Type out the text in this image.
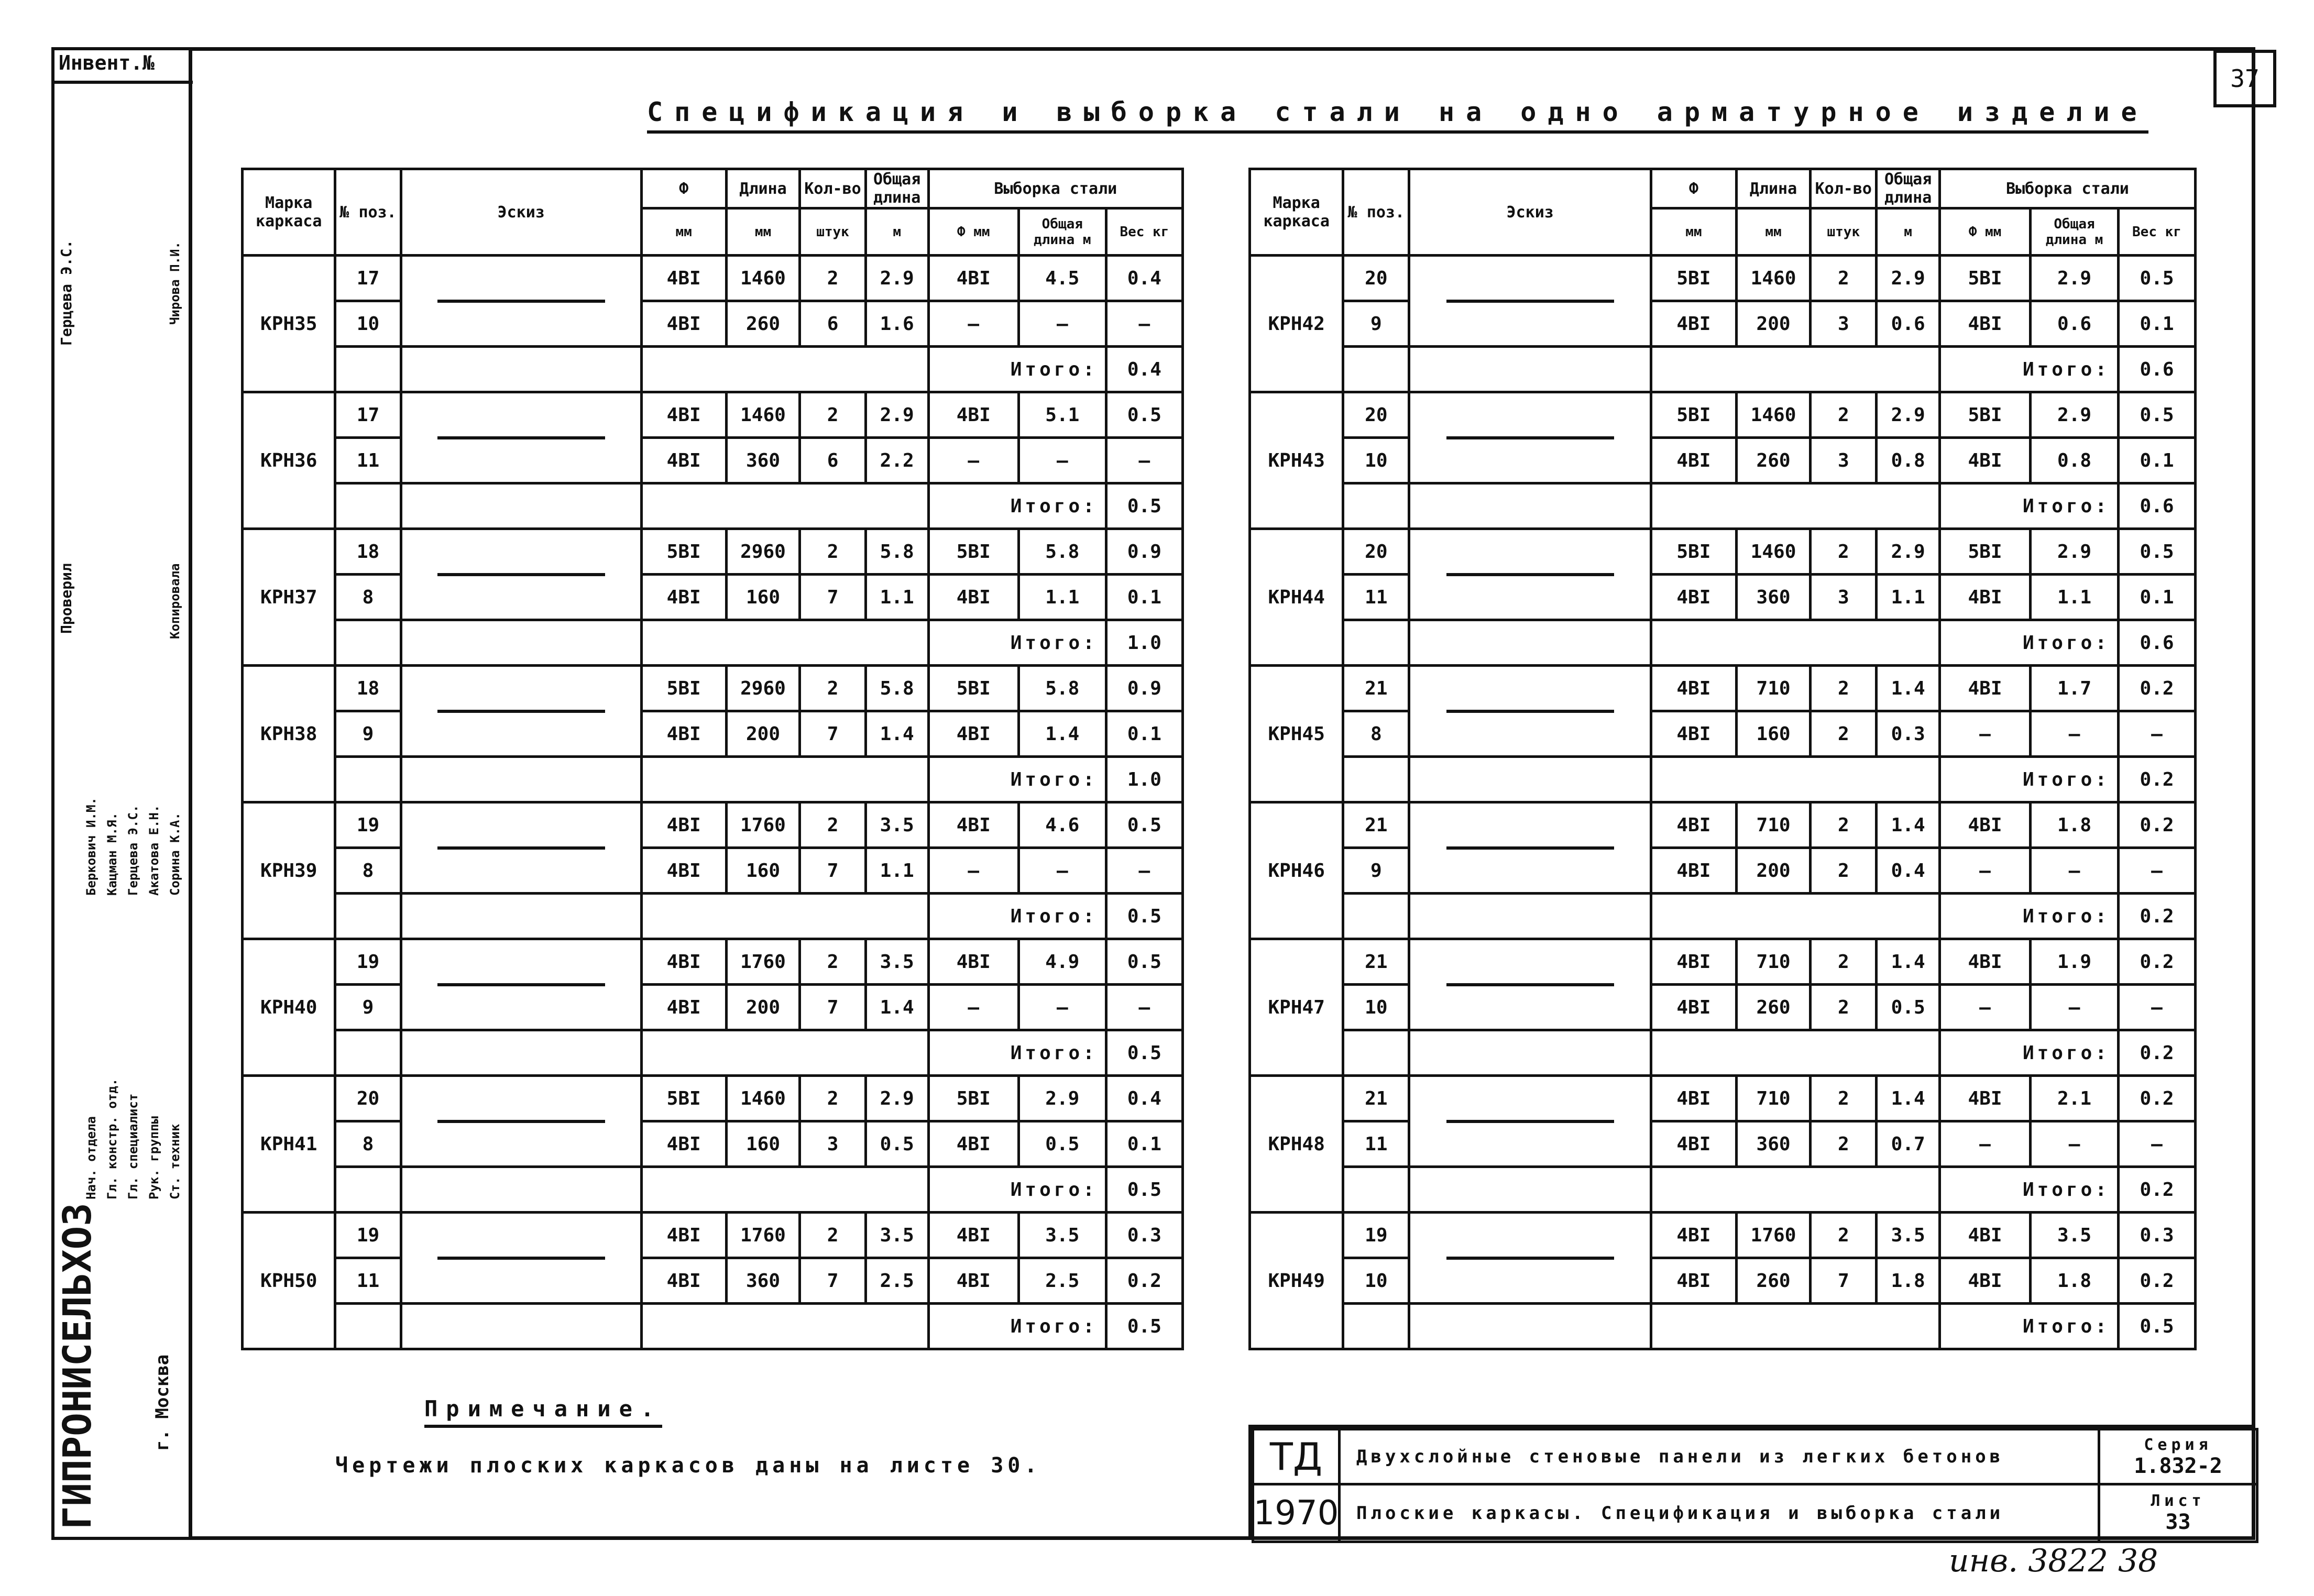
Инвент.№
ГИПРОНИСЕЛЬХОЗ	г. Москва
Нач. отдела
Беркович И.М.
Гл. констр. отд.
Кацман М.Я.
Гл. специалист
Герцева Э.С.
Рук. группы
Акатова Е.Н.
Ст. техник
Сорина К.А.
Проверил	Копировала
Герцева Э.С.	Чирова П.И.
37
Спецификация и выборка стали на одно арматурное изделие
Марка каркаса	№ поз.	Эскиз	Ф	Длина	Кол-во	Общая длина	Выборка стали		
			мм	мм	штук	м	Ф мм	Общая длина м	Вес кг
КРН35	17		4ВI	1460	2	2.9	4ВI	4.5	0.4
	10		4ВI	260	6	1.6	—	—	—
							Итого:		0.4
КРН36	17		4ВI	1460	2	2.9	4ВI	5.1	0.5
	11		4ВI	360	6	2.2	—	—	—
							Итого:		0.5
КРН37	18		5ВI	2960	2	5.8	5ВI	5.8	0.9
	8		4ВI	160	7	1.1	4ВI	1.1	0.1
							Итого:		1.0
КРН38	18		5ВI	2960	2	5.8	5ВI	5.8	0.9
	9		4ВI	200	7	1.4	4ВI	1.4	0.1
							Итого:		1.0
КРН39	19		4ВI	1760	2	3.5	4ВI	4.6	0.5
	8		4ВI	160	7	1.1	—	—	—
							Итого:		0.5
КРН40	19		4ВI	1760	2	3.5	4ВI	4.9	0.5
	9		4ВI	200	7	1.4	—	—	—
							Итого:		0.5
КРН41	20		5ВI	1460	2	2.9	5ВI	2.9	0.4
	8		4ВI	160	3	0.5	4ВI	0.5	0.1
							Итого:		0.5
КРН50	19		4ВI	1760	2	3.5	4ВI	3.5	0.3
	11		4ВI	360	7	2.5	4ВI	2.5	0.2
							Итого:		0.5
Марка каркаса	№ поз.	Эскиз	Ф	Длина	Кол-во	Общая длина	Выборка стали		
			мм	мм	штук	м	Ф мм	Общая длина м	Вес кг
КРН42	20		5ВI	1460	2	2.9	5ВI	2.9	0.5
	9		4ВI	200	3	0.6	4ВI	0.6	0.1
							Итого:		0.6
КРН43	20		5ВI	1460	2	2.9	5ВI	2.9	0.5
	10		4ВI	260	3	0.8	4ВI	0.8	0.1
							Итого:		0.6
КРН44	20		5ВI	1460	2	2.9	5ВI	2.9	0.5
	11		4ВI	360	3	1.1	4ВI	1.1	0.1
							Итого:		0.6
КРН45	21		4ВI	710	2	1.4	4ВI	1.7	0.2
	8		4ВI	160	2	0.3	—	—	—
							Итого:		0.2
КРН46	21		4ВI	710	2	1.4	4ВI	1.8	0.2
	9		4ВI	200	2	0.4	—	—	—
							Итого:		0.2
КРН47	21		4ВI	710	2	1.4	4ВI	1.9	0.2
	10		4ВI	260	2	0.5	—	—	—
							Итого:		0.2
КРН48	21		4ВI	710	2	1.4	4ВI	2.1	0.2
	11		4ВI	360	2	0.7	—	—	—
							Итого:		0.2
КРН49	19		4ВI	1760	2	3.5	4ВI	3.5	0.3
	10		4ВI	260	7	1.8	4ВI	1.8	0.2
							Итого:		0.5
Примечание.
Чертежи плоских каркасов даны на листе 30.	ТД
1970
Двухслойные стеновые панели из легких бетонов
Плоские каркасы. Спецификация и выборка стали
Серия
1.832-2
Лист
33
инв. 3822 38
